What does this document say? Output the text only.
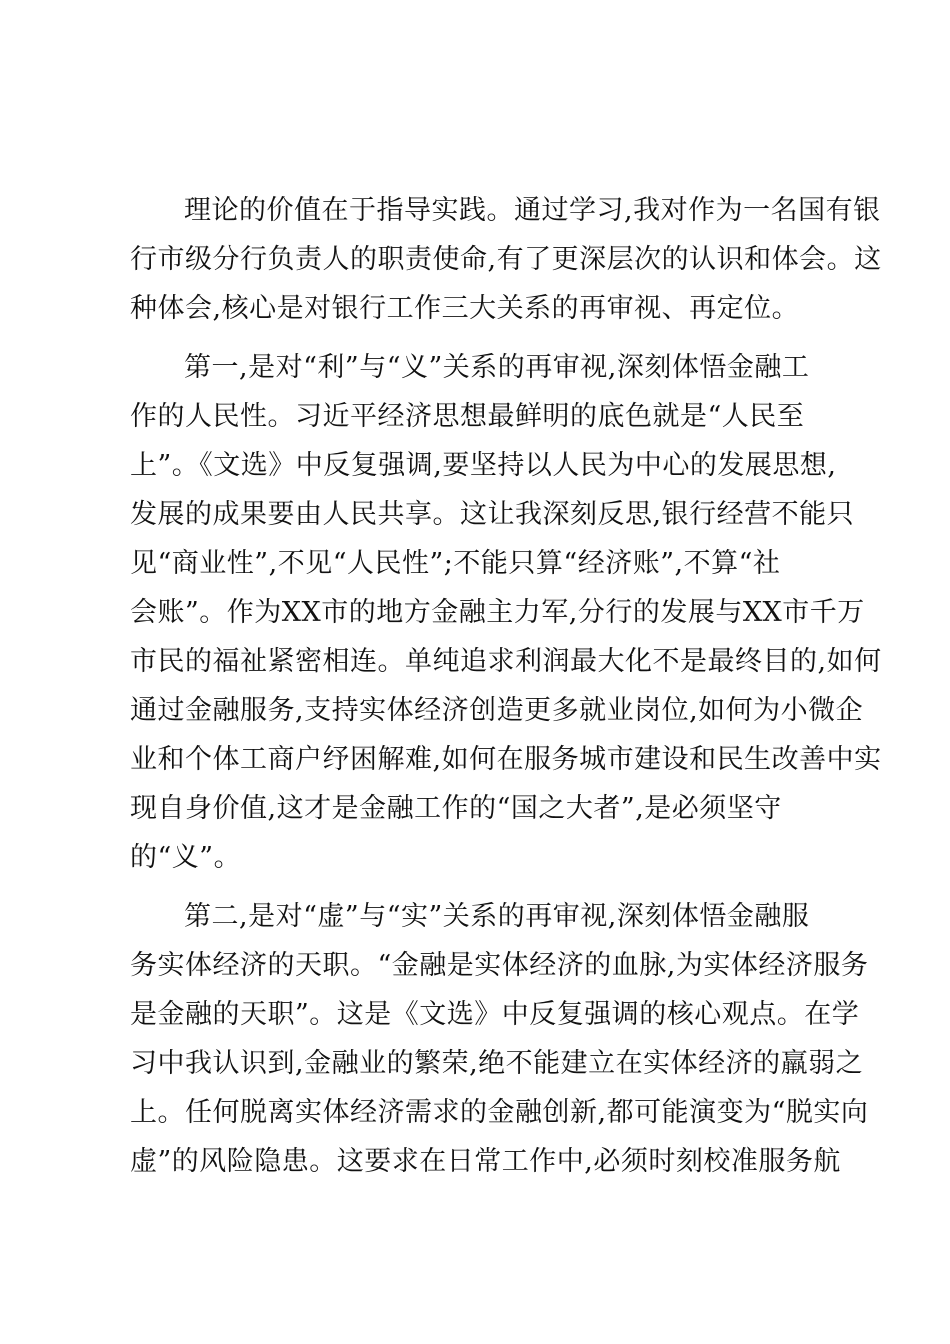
理论的价值在于指导实践。通过学习,我对作为一名国有银
行市级分行负责人的职责使命,有了更深层次的认识和体会。这
种体会,核心是对银行工作三大关系的再审视、再定位。
第一,是对“利”与“义”关系的再审视,深刻体悟金融工
作的人民性。习近平经济思想最鲜明的底色就是“人民至
上”。《文选》中反复强调,要坚持以人民为中心的发展思想,
发展的成果要由人民共享。这让我深刻反思,银行经营不能只
见“商业性”,不见“人民性”;不能只算“经济账”,不算“社
会账”。作为XX市的地方金融主力军,分行的发展与XX市千万
市民的福祉紧密相连。单纯追求利润最大化不是最终目的,如何
通过金融服务,支持实体经济创造更多就业岗位,如何为小微企
业和个体工商户纾困解难,如何在服务城市建设和民生改善中实
现自身价值,这才是金融工作的“国之大者”,是必须坚守
的“义”。
第二,是对“虚”与“实”关系的再审视,深刻体悟金融服
务实体经济的天职。“金融是实体经济的血脉,为实体经济服务
是金融的天职”。这是《文选》中反复强调的核心观点。在学
习中我认识到,金融业的繁荣,绝不能建立在实体经济的羸弱之
上。任何脱离实体经济需求的金融创新,都可能演变为“脱实向
虚”的风险隐患。这要求在日常工作中,必须时刻校准服务航
